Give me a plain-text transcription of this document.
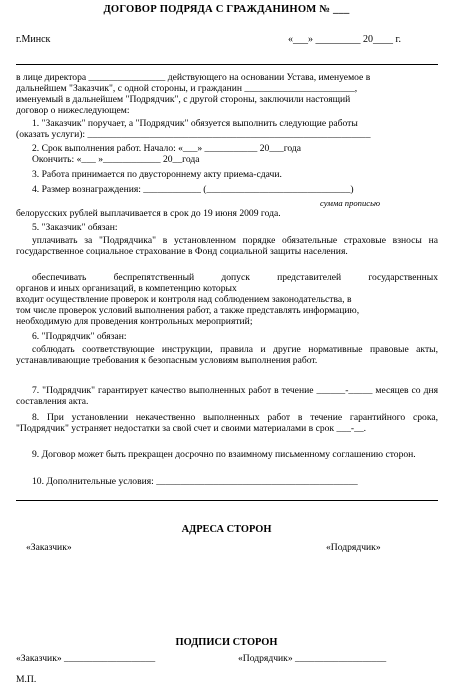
ДОГОВОР ПОДРЯДА С ГРАЖДАНИНОМ № ___
г.Минск	«___» _________ 20____ г.
в лице директора ________________ действующего на основании Устава, именуемое в
дальнейшем "Заказчик", с одной стороны, и гражданин _______________________,
именуемый в дальнейшем "Подрядчик", с другой стороны, заключили настоящий
договор о нижеследующем:
1. "Заказчик" поручает, а "Подрядчик" обязуется выполнить следующие работы
(оказать услуги): ___________________________________________________________
2. Срок выполнения работ. Начало: «___» ___________ 20___года
Окончить: «___ »____________ 20__года
3. Работа принимается по двустороннему акту приема-сдачи.
4. Размер вознаграждения: ____________ (______________________________)
сумма прописью
белорусских рублей выплачивается в срок до 19 июня 2009 года.
5. "Заказчик" обязан:
уплачивать за "Подрядчика" в установленном порядке обязательные страховые взносы на государственное социальное страхование в Фонд социальной защиты населения.
обеспечивать беспрепятственный допуск представителей государственных
органов и иных организаций, в компетенцию которых
входит осуществление проверок и контроля над соблюдением законодательства, в
том числе проверок условий выполнения работ, а также представлять информацию,
необходимую для проведения контрольных мероприятий;
6. "Подрядчик" обязан:
соблюдать соответствующие инструкции, правила и другие нормативные правовые акты, устанавливающие требования к безопасным условиям выполнения работ.
7. "Подрядчик" гарантирует качество выполненных работ в течение ______-_____ месяцев со дня составления акта.
8. При установлении некачественно выполненных работ в течение гарантийного срока, "Подрядчик" устраняет недостатки за свой счет и своими материалами в срок ___-__.
9. Договор может быть прекращен досрочно по взаимному письменному соглашению сторон.
10. Дополнительные условия: __________________________________________
АДРЕСА СТОРОН
«Заказчик»	«Подрядчик»
ПОДПИСИ СТОРОН
«Заказчик» ___________________	«Подрядчик» ___________________
М.П.
